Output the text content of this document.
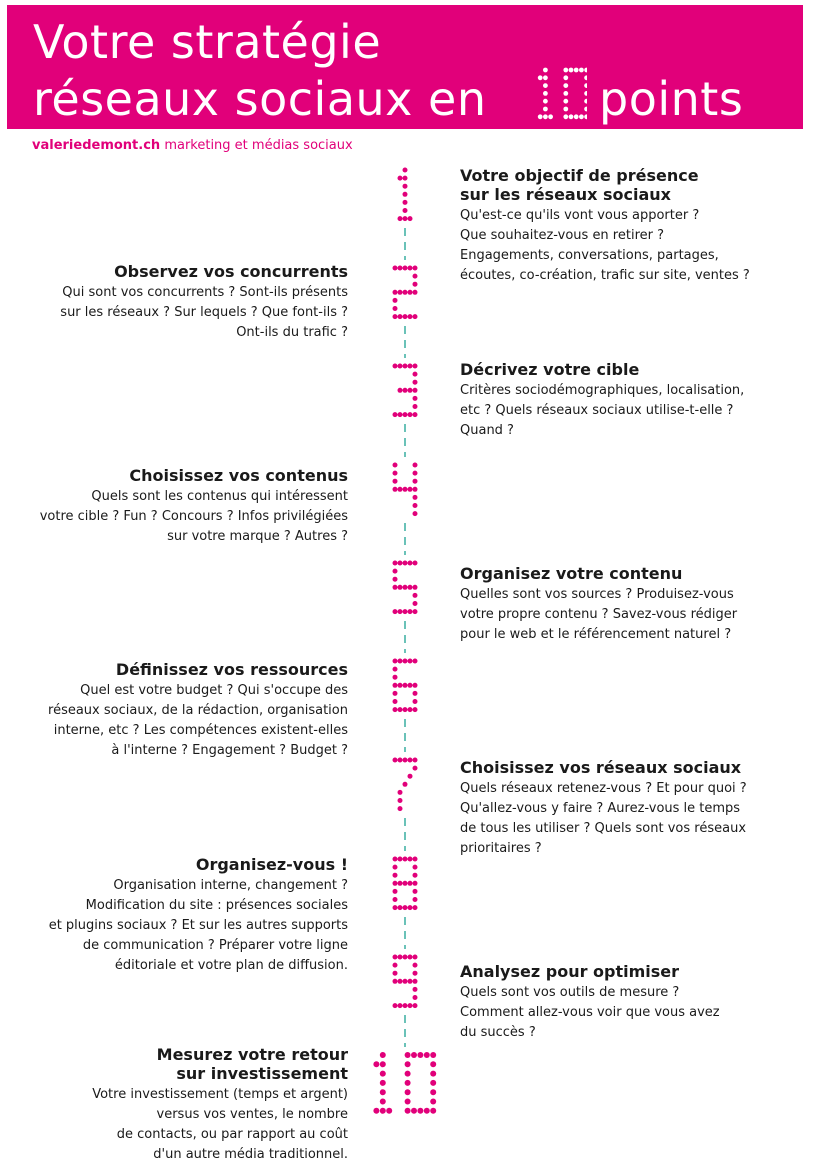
Votre stratégie
réseaux sociaux en points
valeriedemont.ch marketing et médias sociaux
Votre objectif de présence
sur les réseaux sociaux
Qu'est-ce qu'ils vont vous apporter ?
Que souhaitez-vous en retirer ?
Engagements, conversations, partages,
écoutes, co-création, trafic sur site, ventes ?
Observez vos concurrents
Qui sont vos concurrents ? Sont-ils présents
sur les réseaux ? Sur lequels ? Que font-ils ?
Ont-ils du trafic ?
Décrivez votre cible
Critères sociodémographiques, localisation,
etc ? Quels réseaux sociaux utilise-t-elle ?
Quand ?
Choisissez vos contenus
Quels sont les contenus qui intéressent
votre cible ? Fun ? Concours ? Infos privilégiées
sur votre marque ? Autres ?
Organisez votre contenu
Quelles sont vos sources ? Produisez-vous
votre propre contenu ? Savez-vous rédiger
pour le web et le référencement naturel ?
Définissez vos ressources
Quel est votre budget ? Qui s'occupe des
réseaux sociaux, de la rédaction, organisation
interne, etc ? Les compétences existent-elles
à l'interne ? Engagement ? Budget ?
Choisissez vos réseaux sociaux
Quels réseaux retenez-vous ? Et pour quoi ?
Qu'allez-vous y faire ? Aurez-vous le temps
de tous les utiliser ? Quels sont vos réseaux
prioritaires ?
Organisez-vous !
Organisation interne, changement ?
Modification du site : présences sociales
et plugins sociaux ? Et sur les autres supports
de communication ? Préparer votre ligne
éditoriale et votre plan de diffusion.	Analysez pour optimiser
Quels sont vos outils de mesure ?
Comment allez-vous voir que vous avez
du succès ?
Mesurez votre retour
sur investissement
Votre investissement (temps et argent)
versus vos ventes, le nombre
de contacts, ou par rapport au coût
d'un autre média traditionnel.
